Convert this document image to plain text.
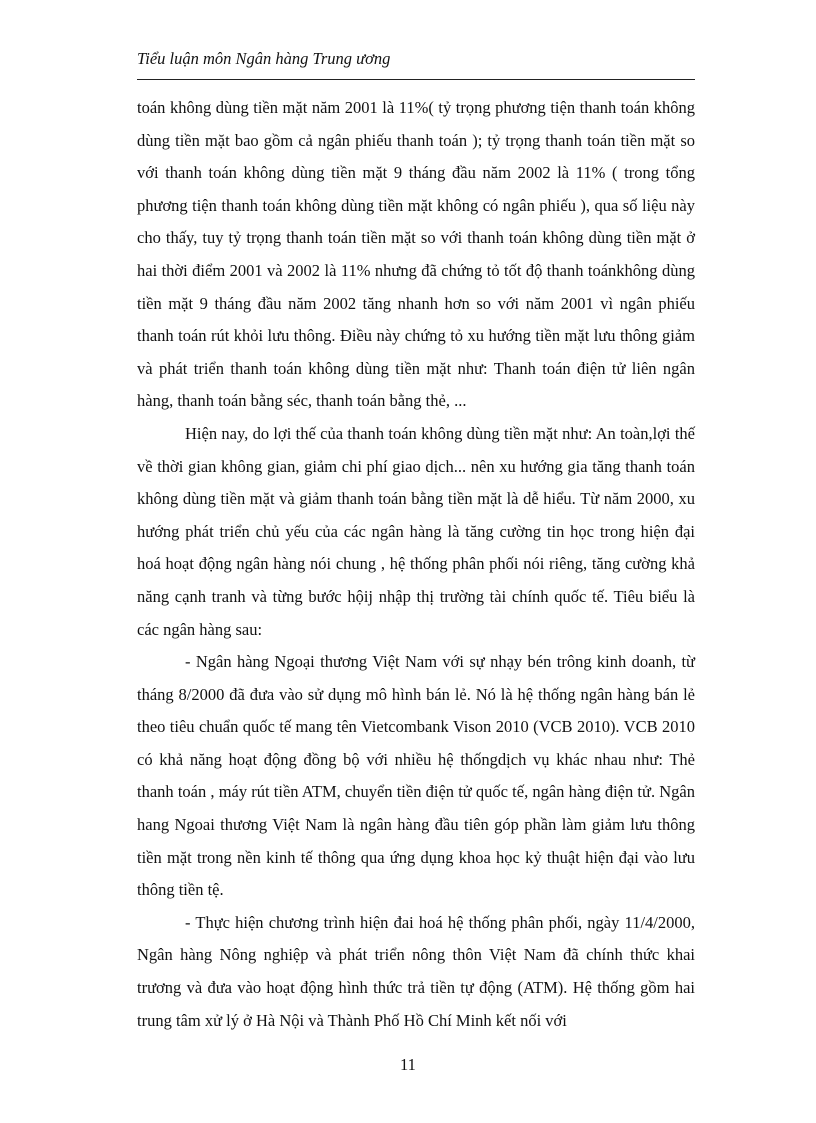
Tiểu luận môn Ngân hàng Trung ương

toán không dùng tiền mặt năm 2001 là 11%( tỷ trọng phương tiện thanh toán không dùng tiền mặt bao gồm cả ngân phiếu thanh toán ); tỷ trọng thanh toán tiền mặt so với thanh toán không dùng tiền mặt 9 tháng đầu năm 2002 là 11% ( trong tổng phương tiện thanh toán không dùng tiền mặt không có ngân phiếu ), qua số liệu này cho thấy, tuy tỷ trọng thanh toán tiền mặt so với thanh toán không dùng tiền mặt ở hai thời điểm 2001 và 2002 là 11% nhưng đã chứng tỏ tốt độ thanh toánkhông dùng tiền mặt 9 tháng đầu năm 2002 tăng nhanh hơn so với năm 2001 vì ngân phiếu thanh toán rút khỏi lưu thông. Điều này chứng tỏ xu hướng tiền mặt lưu thông giảm và phát triển thanh toán không dùng tiền mặt như: Thanh toán điện tử liên ngân hàng, thanh toán bằng séc, thanh toán bằng thẻ, ...

Hiện nay, do lợi thế của thanh toán không dùng tiền mặt như: An toàn,lợi thế về thời gian không gian, giảm chi phí giao dịch... nên xu hướng gia tăng thanh toán không dùng tiền mặt và giảm thanh toán bằng tiền mặt là dễ hiểu. Từ năm 2000, xu hướng phát triển chủ yếu của các ngân hàng là tăng cường tin học trong hiện đại hoá hoạt động ngân hàng nói chung , hệ thống phân phối nói riêng, tăng cường khả năng cạnh tranh và từng bước hộij nhập thị trường tài chính quốc tế. Tiêu biểu là các ngân hàng sau:

- Ngân hàng Ngoại thương Việt Nam với sự nhạy bén trông kinh doanh, từ tháng 8/2000 đã đưa vào sử dụng mô hình bán lẻ. Nó là hệ thống ngân hàng bán lẻ theo tiêu chuẩn quốc tế mang tên Vietcombank Vison 2010 (VCB 2010). VCB 2010 có khả năng hoạt động đồng bộ với nhiều hệ thốngdịch vụ khác nhau như: Thẻ thanh toán , máy rút tiền ATM, chuyển tiền điện tử quốc tế, ngân hàng điện tử. Ngân hang Ngoai thương Việt Nam là ngân hàng đầu tiên góp phần làm giảm lưu thông tiền mặt trong nền kinh tế thông qua ứng dụng khoa học kỷ thuật hiện đại vào lưu thông tiền tệ.

- Thực hiện chương trình hiện đai hoá hệ thống phân phối, ngày 11/4/2000, Ngân hàng Nông nghiệp và phát triển nông thôn Việt Nam đã chính thức khai trương và đưa vào hoạt động hình thức trả tiền tự động (ATM). Hệ thống gồm hai trung tâm xử lý ở Hà Nội và Thành Phố Hồ Chí Minh kết nối với

11
